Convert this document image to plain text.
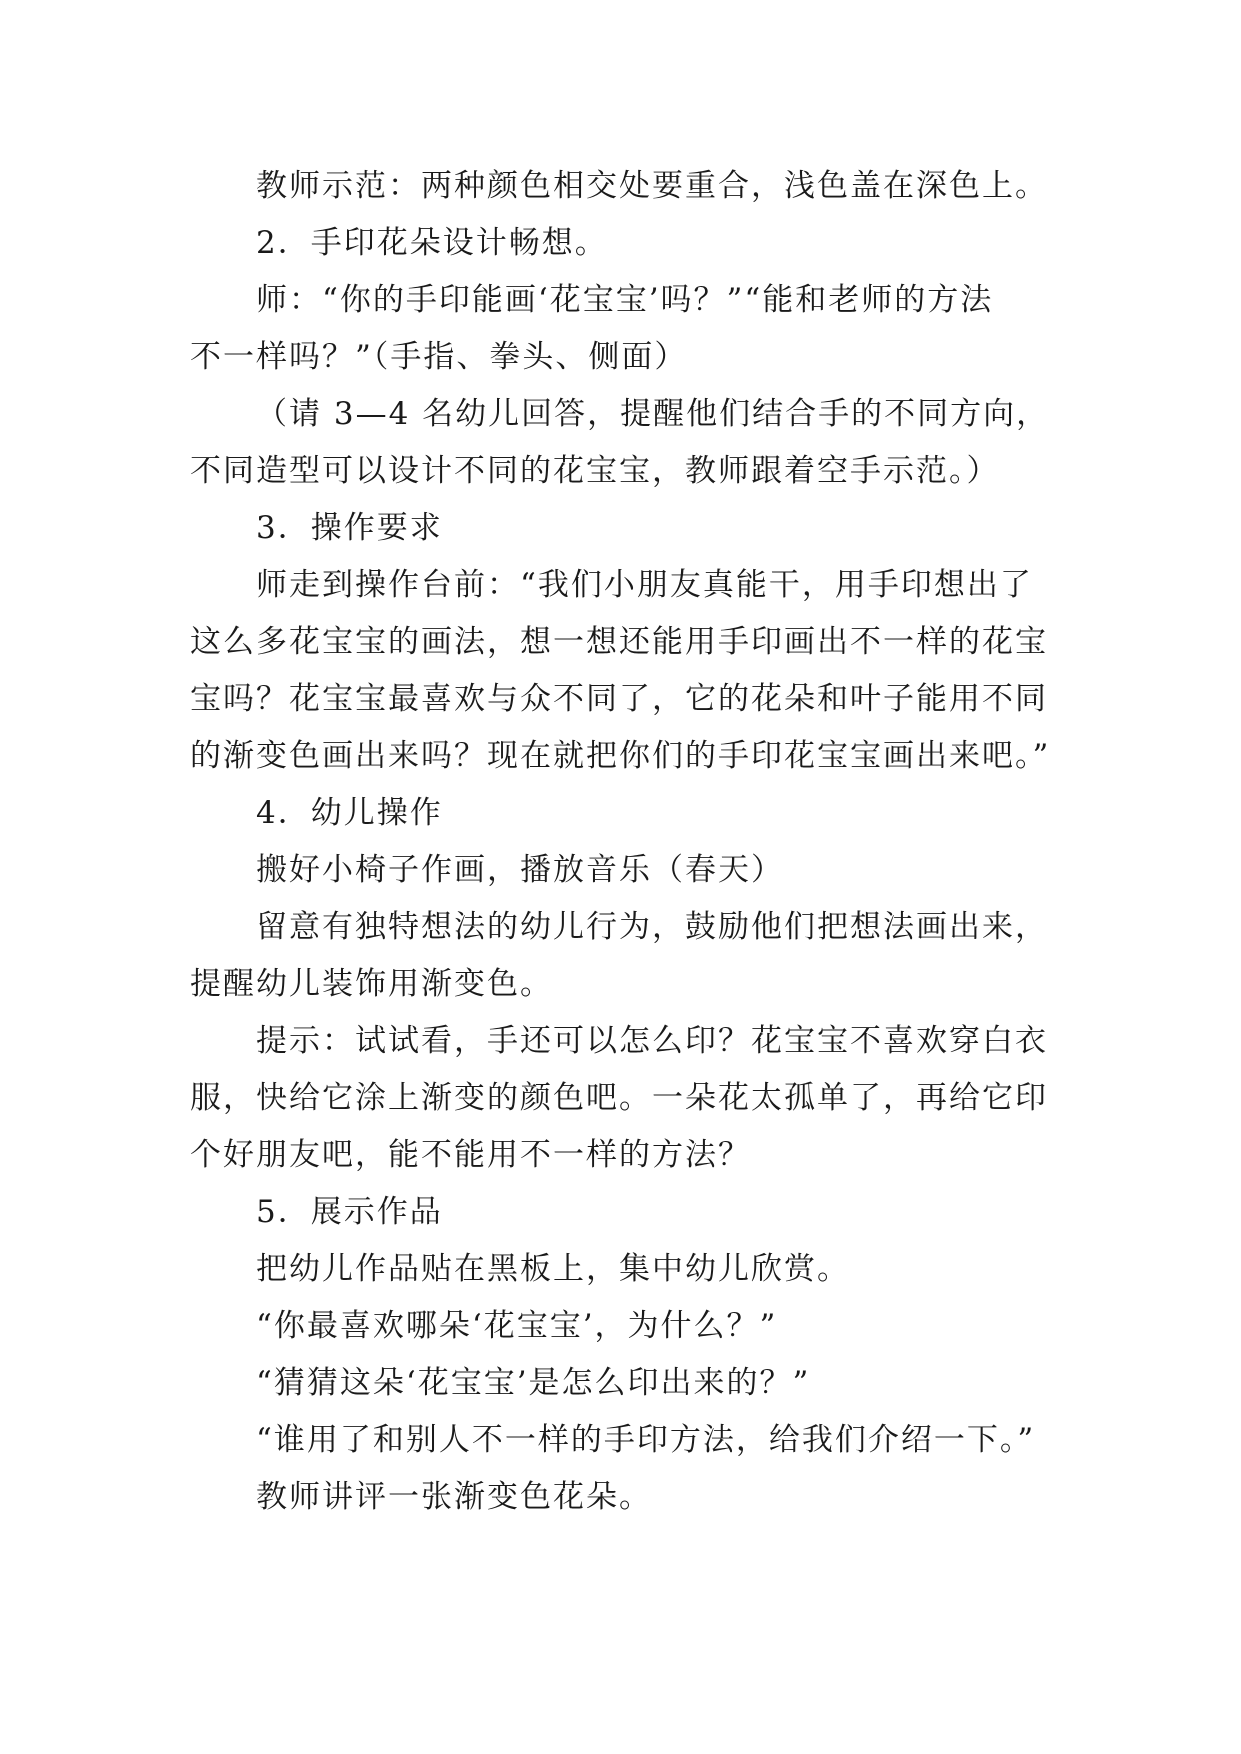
教师示范：两种颜色相交处要重合，浅色盖在深色上。
2．手印花朵设计畅想。
师：“你的手印能画‘花宝宝’吗？”“能和老师的方法
不一样吗？”（手指、拳头、侧面）
（请 3—4 名幼儿回答，提醒他们结合手的不同方向，
不同造型可以设计不同的花宝宝，教师跟着空手示范。）
3．操作要求
师走到操作台前：“我们小朋友真能干，用手印想出了
这么多花宝宝的画法，想一想还能用手印画出不一样的花宝
宝吗？花宝宝最喜欢与众不同了，它的花朵和叶子能用不同
的渐变色画出来吗？现在就把你们的手印花宝宝画出来吧。”
4．幼儿操作
搬好小椅子作画，播放音乐（春天）
留意有独特想法的幼儿行为，鼓励他们把想法画出来，
提醒幼儿装饰用渐变色。
提示：试试看，手还可以怎么印？花宝宝不喜欢穿白衣
服，快给它涂上渐变的颜色吧。一朵花太孤单了，再给它印
个好朋友吧，能不能用不一样的方法？
5．展示作品
把幼儿作品贴在黑板上，集中幼儿欣赏。
“你最喜欢哪朵‘花宝宝’，为什么？”
“猜猜这朵‘花宝宝’是怎么印出来的？”
“谁用了和别人不一样的手印方法，给我们介绍一下。”
教师讲评一张渐变色花朵。
